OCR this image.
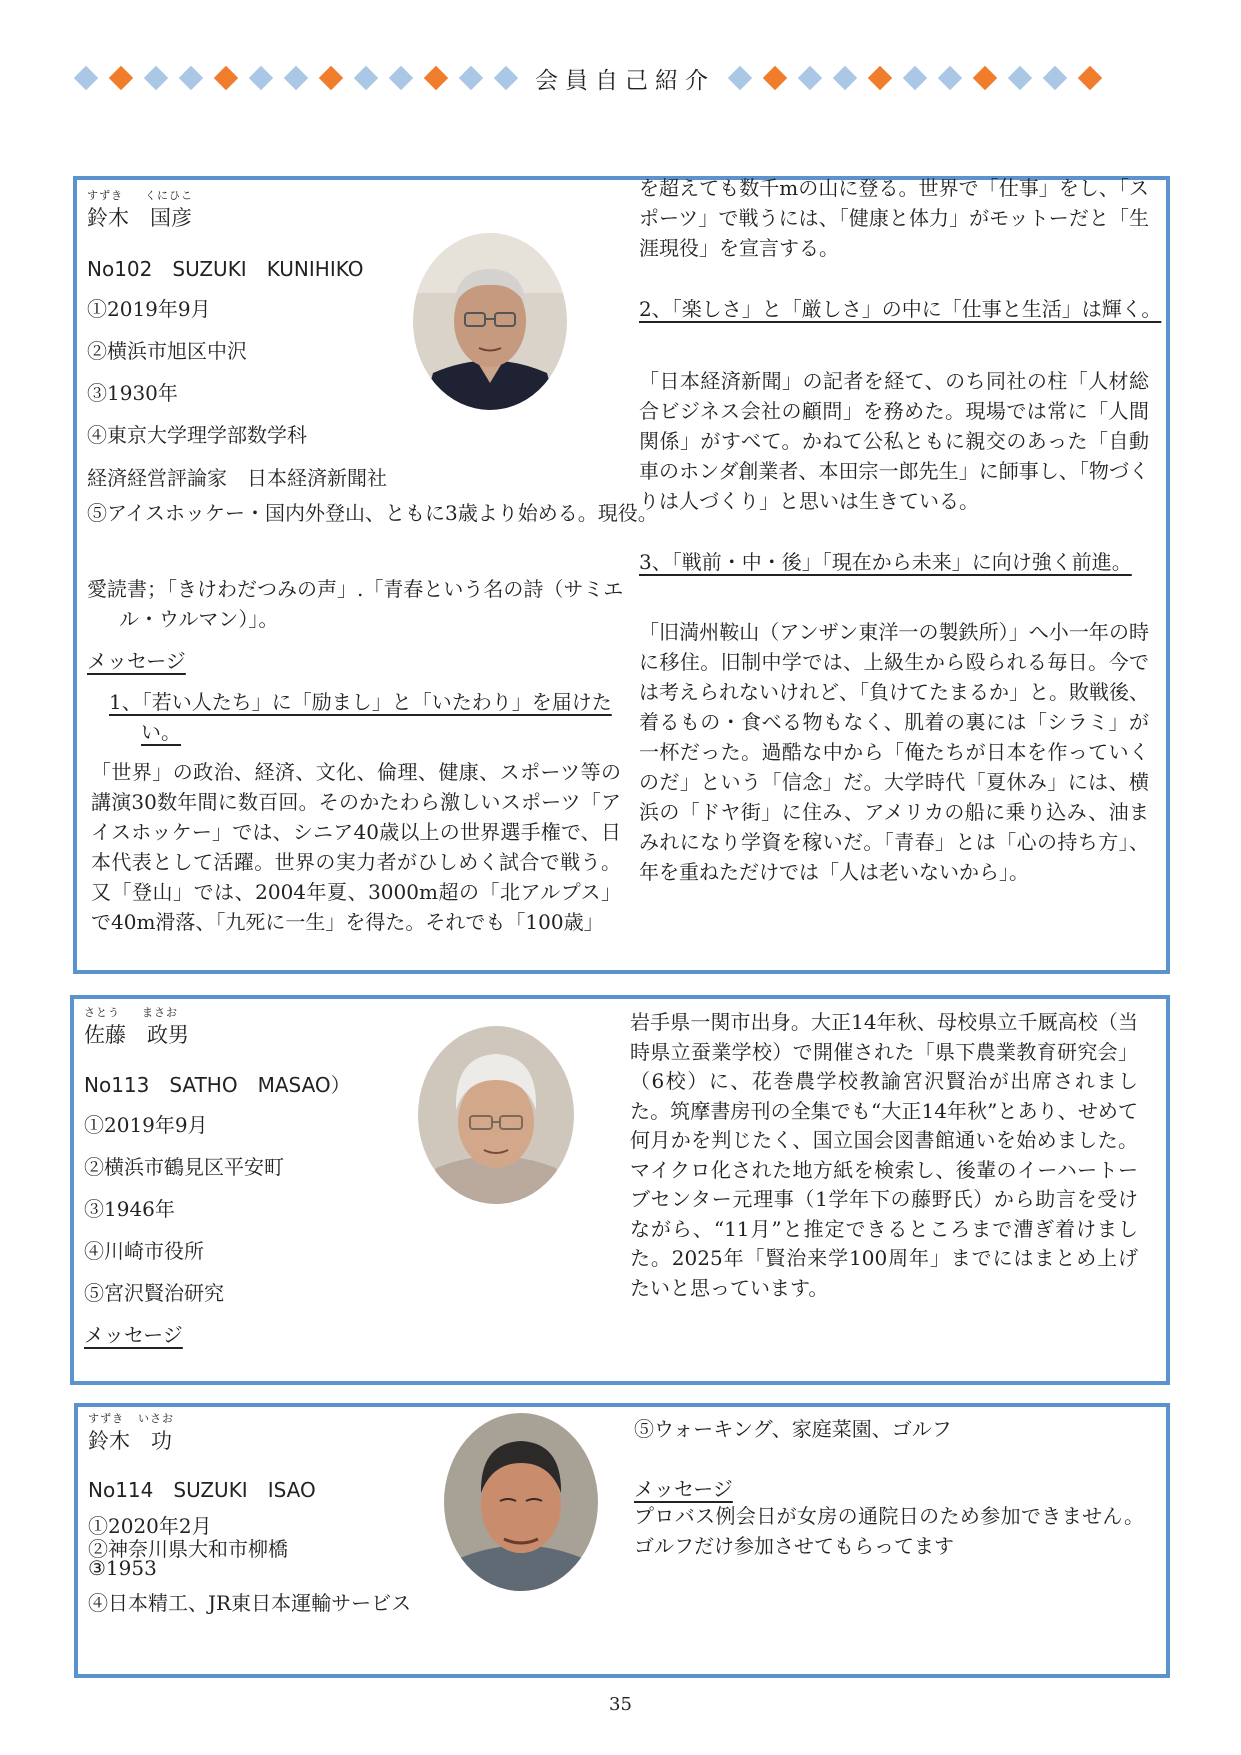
会員自己紹介
すずき くにひこ
鈴木　国彦
No102　SUZUKI　KUNIHIKO
①2019年9月
②横浜市旭区中沢
③1930年
④東京大学理学部数学科
経済経営評論家　日本経済新聞社
⑤アイスホッケー・国内外登山、ともに3歳より始める。現役。
愛読書；「きけわだつみの声」.「青春という名の詩（サミエル・ウルマン）」。
メッセージ
1、「若い人たち」に「励まし」と「いたわり」を届けたい。
「世界」の政治、経済、文化、倫理、健康、スポーツ等の講演30数年間に数百回。そのかたわら激しいスポーツ「アイスホッケー」では、シニア40歳以上の世界選手権で、日本代表として活躍。世界の実力者がひしめく試合で戦う。又「登山」では、2004年夏、3000m超の「北アルプス」で40m滑落、「九死に一生」を得た。それでも「100歳」
を超えても数千mの山に登る。世界で「仕事」をし、「スポーツ」で戦うには、「健康と体力」がモットーだと「生涯現役」を宣言する。
2、「楽しさ」と「厳しさ」の中に「仕事と生活」は輝く。
「日本経済新聞」の記者を経て、のち同社の柱「人材総合ビジネス会社の顧問」を務めた。現場では常に「人間関係」がすべて。かねて公私ともに親交のあった「自動車のホンダ創業者、本田宗一郎先生」に師事し、「物づくりは人づくり」と思いは生きている。
3、「戦前・中・後」「現在から未来」に向け強く前進。
「旧満州鞍山（アンザン東洋一の製鉄所）」へ小一年の時に移住。旧制中学では、上級生から殴られる毎日。今では考えられないけれど、「負けてたまるか」と。敗戦後、着るもの・食べる物もなく、肌着の裏には「シラミ」が一杯だった。過酷な中から「俺たちが日本を作っていくのだ」という「信念」だ。大学時代「夏休み」には、横浜の「ドヤ街」に住み、アメリカの船に乗り込み、油まみれになり学資を稼いだ。「青春」とは「心の持ち方」、年を重ねただけでは「人は老いないから」。
さとう まさお
佐藤　政男
No113　SATHO　MASAO）
①2019年9月
②横浜市鶴見区平安町
③1946年
④川崎市役所
⑤宮沢賢治研究
メッセージ
岩手県一関市出身。大正14年秋、母校県立千厩高校（当時県立蚕業学校）で開催された「県下農業教育研究会」（6校）に、花巻農学校教諭宮沢賢治が出席されました。筑摩書房刊の全集でも“大正14年秋”とあり、せめて何月かを判じたく、国立国会図書館通いを始めました。マイクロ化された地方紙を検索し、後輩のイーハートーブセンター元理事（1学年下の藤野氏）から助言を受けながら、“11月”と推定できるところまで漕ぎ着けました。2025年「賢治来学100周年」までにはまとめ上げたいと思っています。
すずき いさお
鈴木　功
No114　SUZUKI　ISAO
①2020年2月
②神奈川県大和市柳橋
③1953
④日本精工、JR東日本運輸サービス
⑤ウォーキング、家庭菜園、ゴルフ
メッセージ
プロバス例会日が女房の通院日のため参加できません。ゴルフだけ参加させてもらってます
35
